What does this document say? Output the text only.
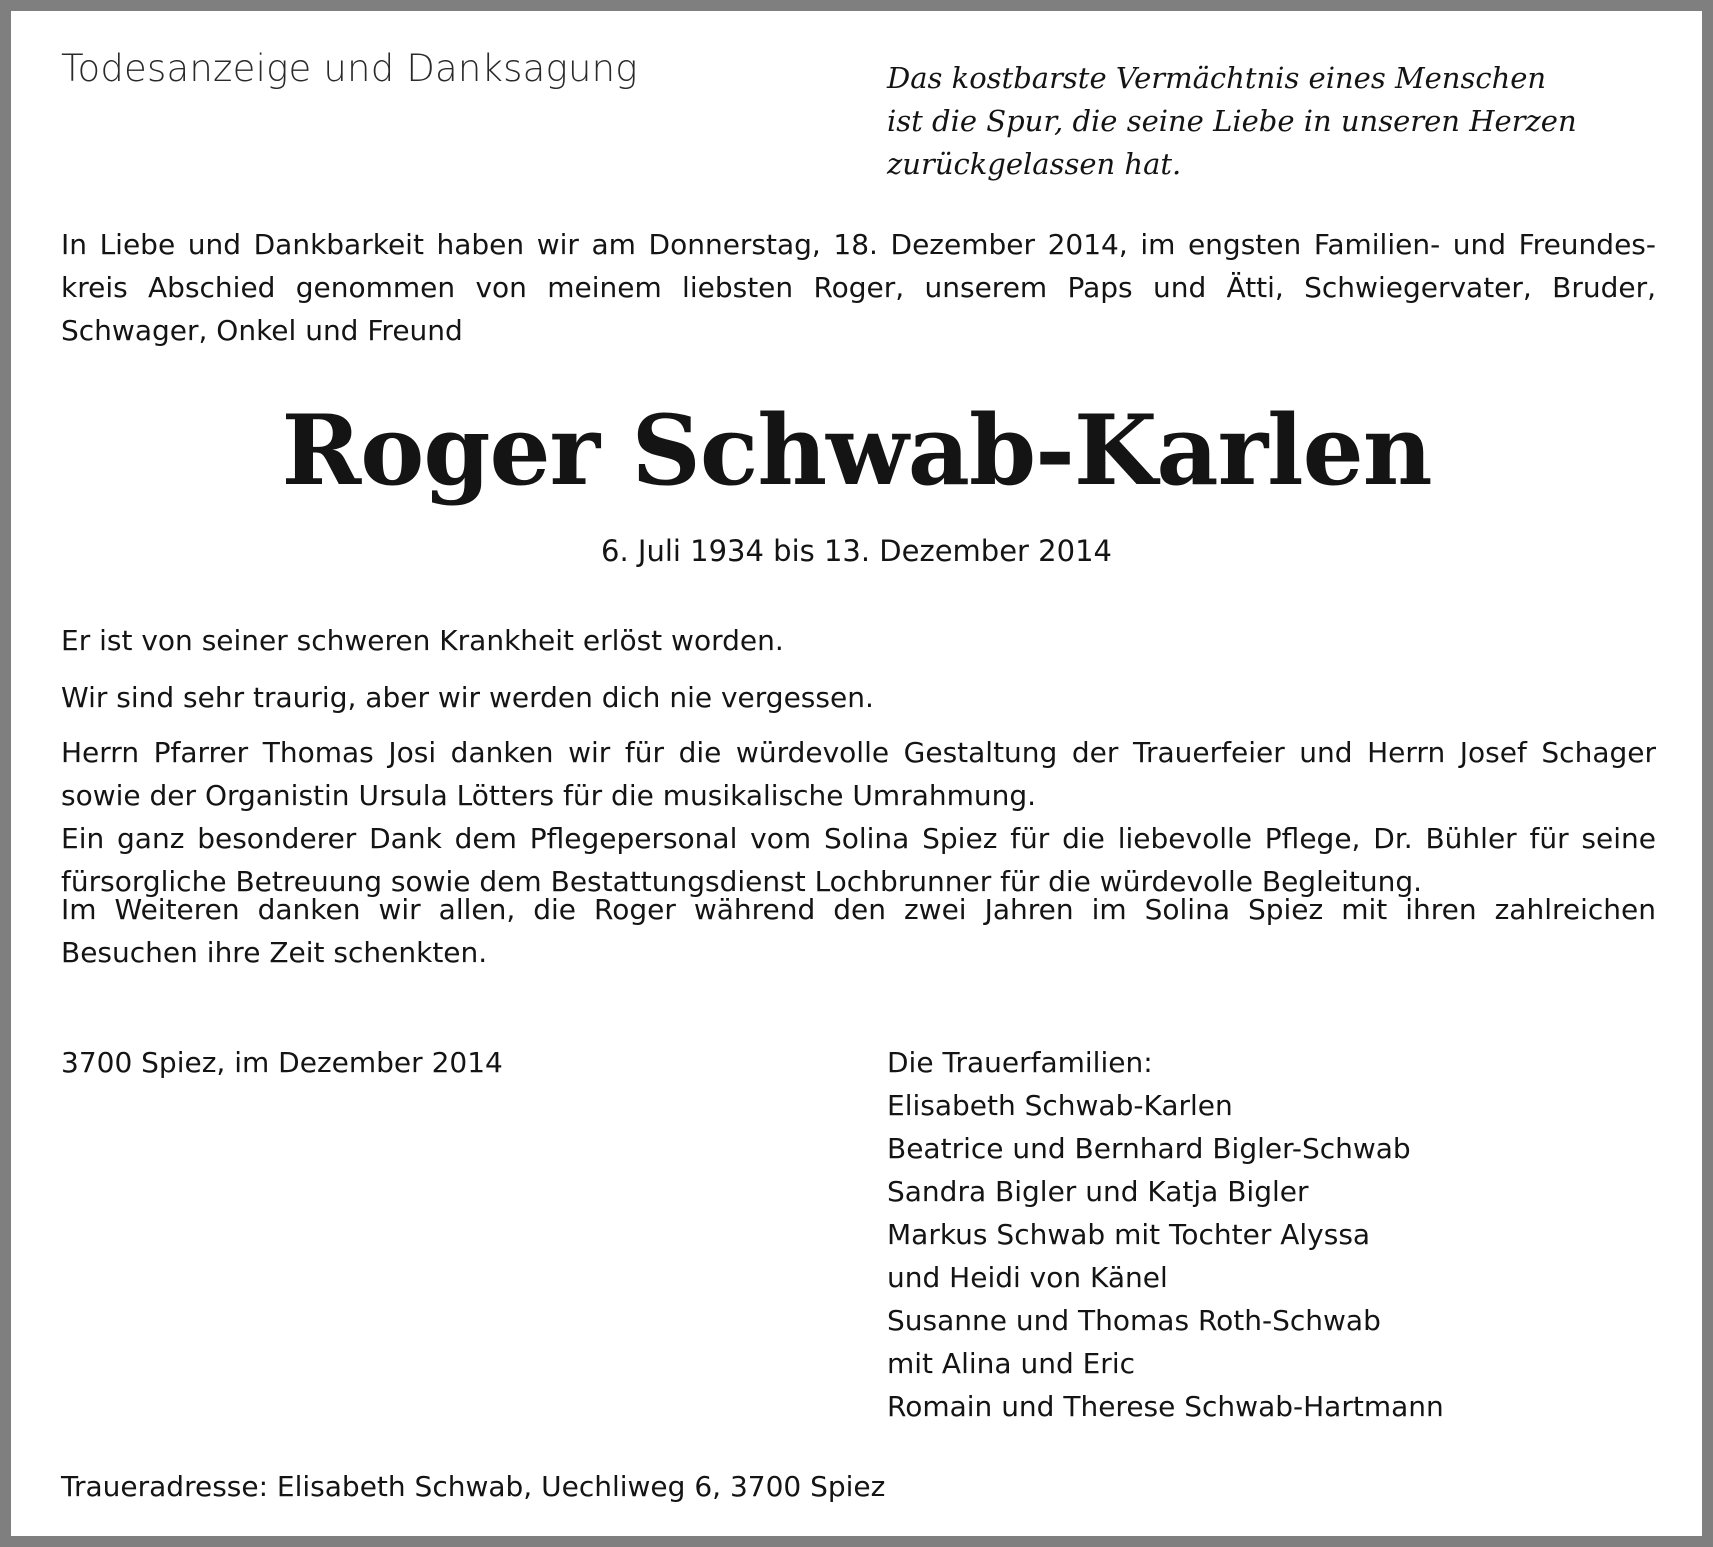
Todesanzeige und Danksagung	Das kostbarste Vermächtnis eines Menschen
ist die Spur, die seine Liebe in unseren Herzen
zurückgelassen hat.
In Liebe und Dankbarkeit haben wir am Donnerstag, 18. Dezember 2014, im engsten Familien- und Freundes-
kreis Abschied genommen von meinem liebsten Roger, unserem Paps und Ätti, Schwiegervater, Bruder,
Schwager, Onkel und Freund
Roger Schwab-Karlen

6. Juli 1934 bis 13. Dezember 2014

Er ist von seiner schweren Krankheit erlöst worden.

Wir sind sehr traurig, aber wir werden dich nie vergessen.

Herrn Pfarrer Thomas Josi danken wir für die würdevolle Gestaltung der Trauerfeier und Herrn Josef Schager
sowie der Organistin Ursula Lötters für die musikalische Umrahmung.
Ein ganz besonderer Dank dem Pflegepersonal vom Solina Spiez für die liebevolle Pflege, Dr. Bühler für seine
fürsorgliche Betreuung sowie dem Bestattungsdienst Lochbrunner für die würdevolle Begleitung.
Im Weiteren danken wir allen, die Roger während den zwei Jahren im Solina Spiez mit ihren zahlreichen
Besuchen ihre Zeit schenkten.

3700 Spiez, im Dezember 2014	Die Trauerfamilien:
Elisabeth Schwab-Karlen
Beatrice und Bernhard Bigler-Schwab
Sandra Bigler und Katja Bigler
Markus Schwab mit Tochter Alyssa
und Heidi von Känel
Susanne und Thomas Roth-Schwab
mit Alina und Eric
Romain und Therese Schwab-Hartmann

Traueradresse: Elisabeth Schwab, Uechliweg 6, 3700 Spiez
